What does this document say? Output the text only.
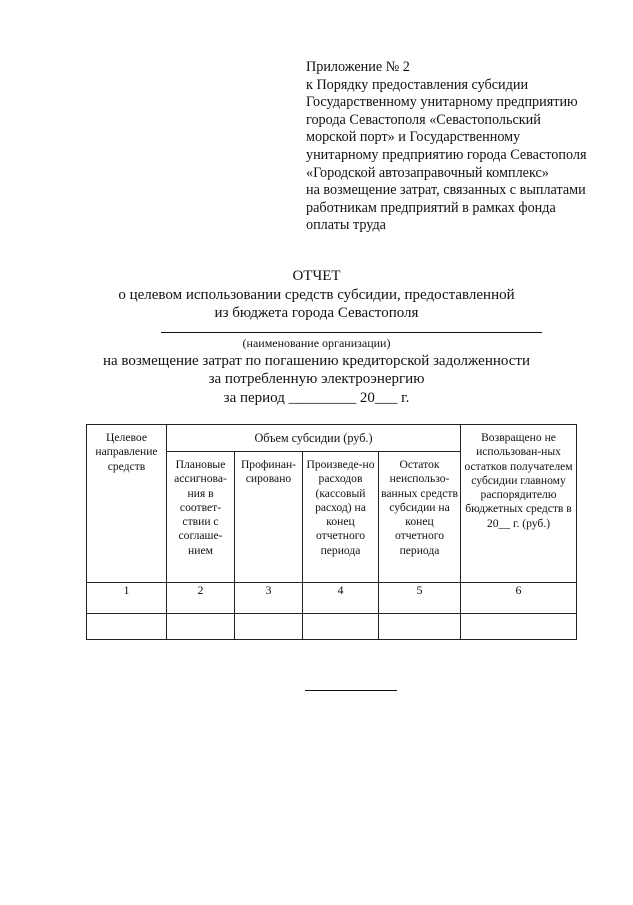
Приложение № 2
к Порядку предоставления субсидии
Государственному унитарному предприятию
города Севастополя «Севастопольский
морской порт» и Государственному
унитарному предприятию города Севастополя
«Городской автозаправочный комплекс»
на возмещение затрат, связанных с выплатами
работникам предприятий в рамках фонда
оплаты труда
ОТЧЕТ
о целевом использовании средств субсидии, предоставленной
из бюджета города Севастополя
(наименование организации)
на возмещение затрат по погашению кредиторской задолженности
за потребленную электроэнергию
за период _________ 20___ г.
Целевое направление средств	Объем субсидии (руб.)				Возвращено не использован-ных остатков получателем субсидии главному распорядителю бюджетных средств в 20__ г. (руб.)
	Плановые ассигнова-ния в соответ-ствии с соглаше-нием	Профинан-сировано	Произведе-но расходов (кассовый расход) на конец отчетного периода	Остаток неиспользо-ванных средств субсидии на конец отчетного периода	
1	2	3	4	5	6
